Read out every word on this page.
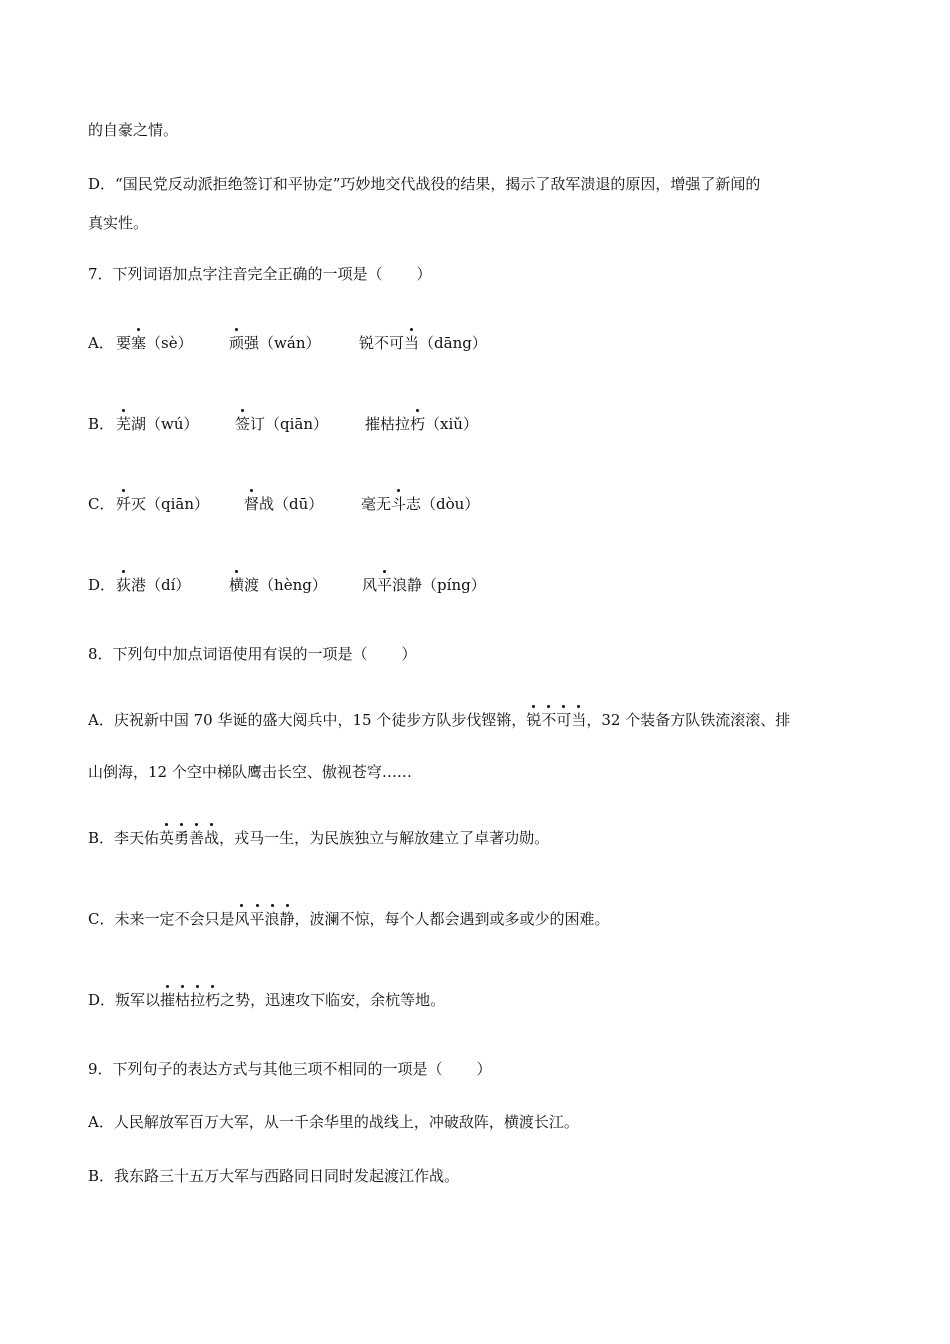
的自豪之情。
D．“国民党反动派拒绝签订和平协定”巧妙地交代战役的结果，揭示了敌军溃退的原因，增强了新闻的
真实性。
7．下列词语加点字注音完全正确的一项是（ ）
A． 要塞（sè） 顽强（wán）	锐不可当（dāng）
B． 芜湖（wú） 签订（qiān） 摧枯拉朽（xiǔ）
C． 歼灭（qiān） 督战（dū）	毫无斗志（dòu）
D． 荻港（dí）	横渡（hèng） 风平浪静（píng）
8．下列句中加点词语使用有误的一项是（ ）
A．庆祝新中国 70 华诞的盛大阅兵中，15 个徒步方队步伐铿锵，锐不可当，32 个装备方队铁流滚滚、排
山倒海，12 个空中梯队鹰击长空、傲视苍穹……
B．李天佑英勇善战，戎马一生，为民族独立与解放建立了卓著功勋。
C．未来一定不会只是风平浪静，波澜不惊，每个人都会遇到或多或少的困难。
D．叛军以摧枯拉朽之势，迅速攻下临安，余杭等地。
9．下列句子的表达方式与其他三项不相同的一项是（ ）
A．人民解放军百万大军，从一千余华里的战线上，冲破敌阵，横渡长江。
B．我东路三十五万大军与西路同日同时发起渡江作战。
